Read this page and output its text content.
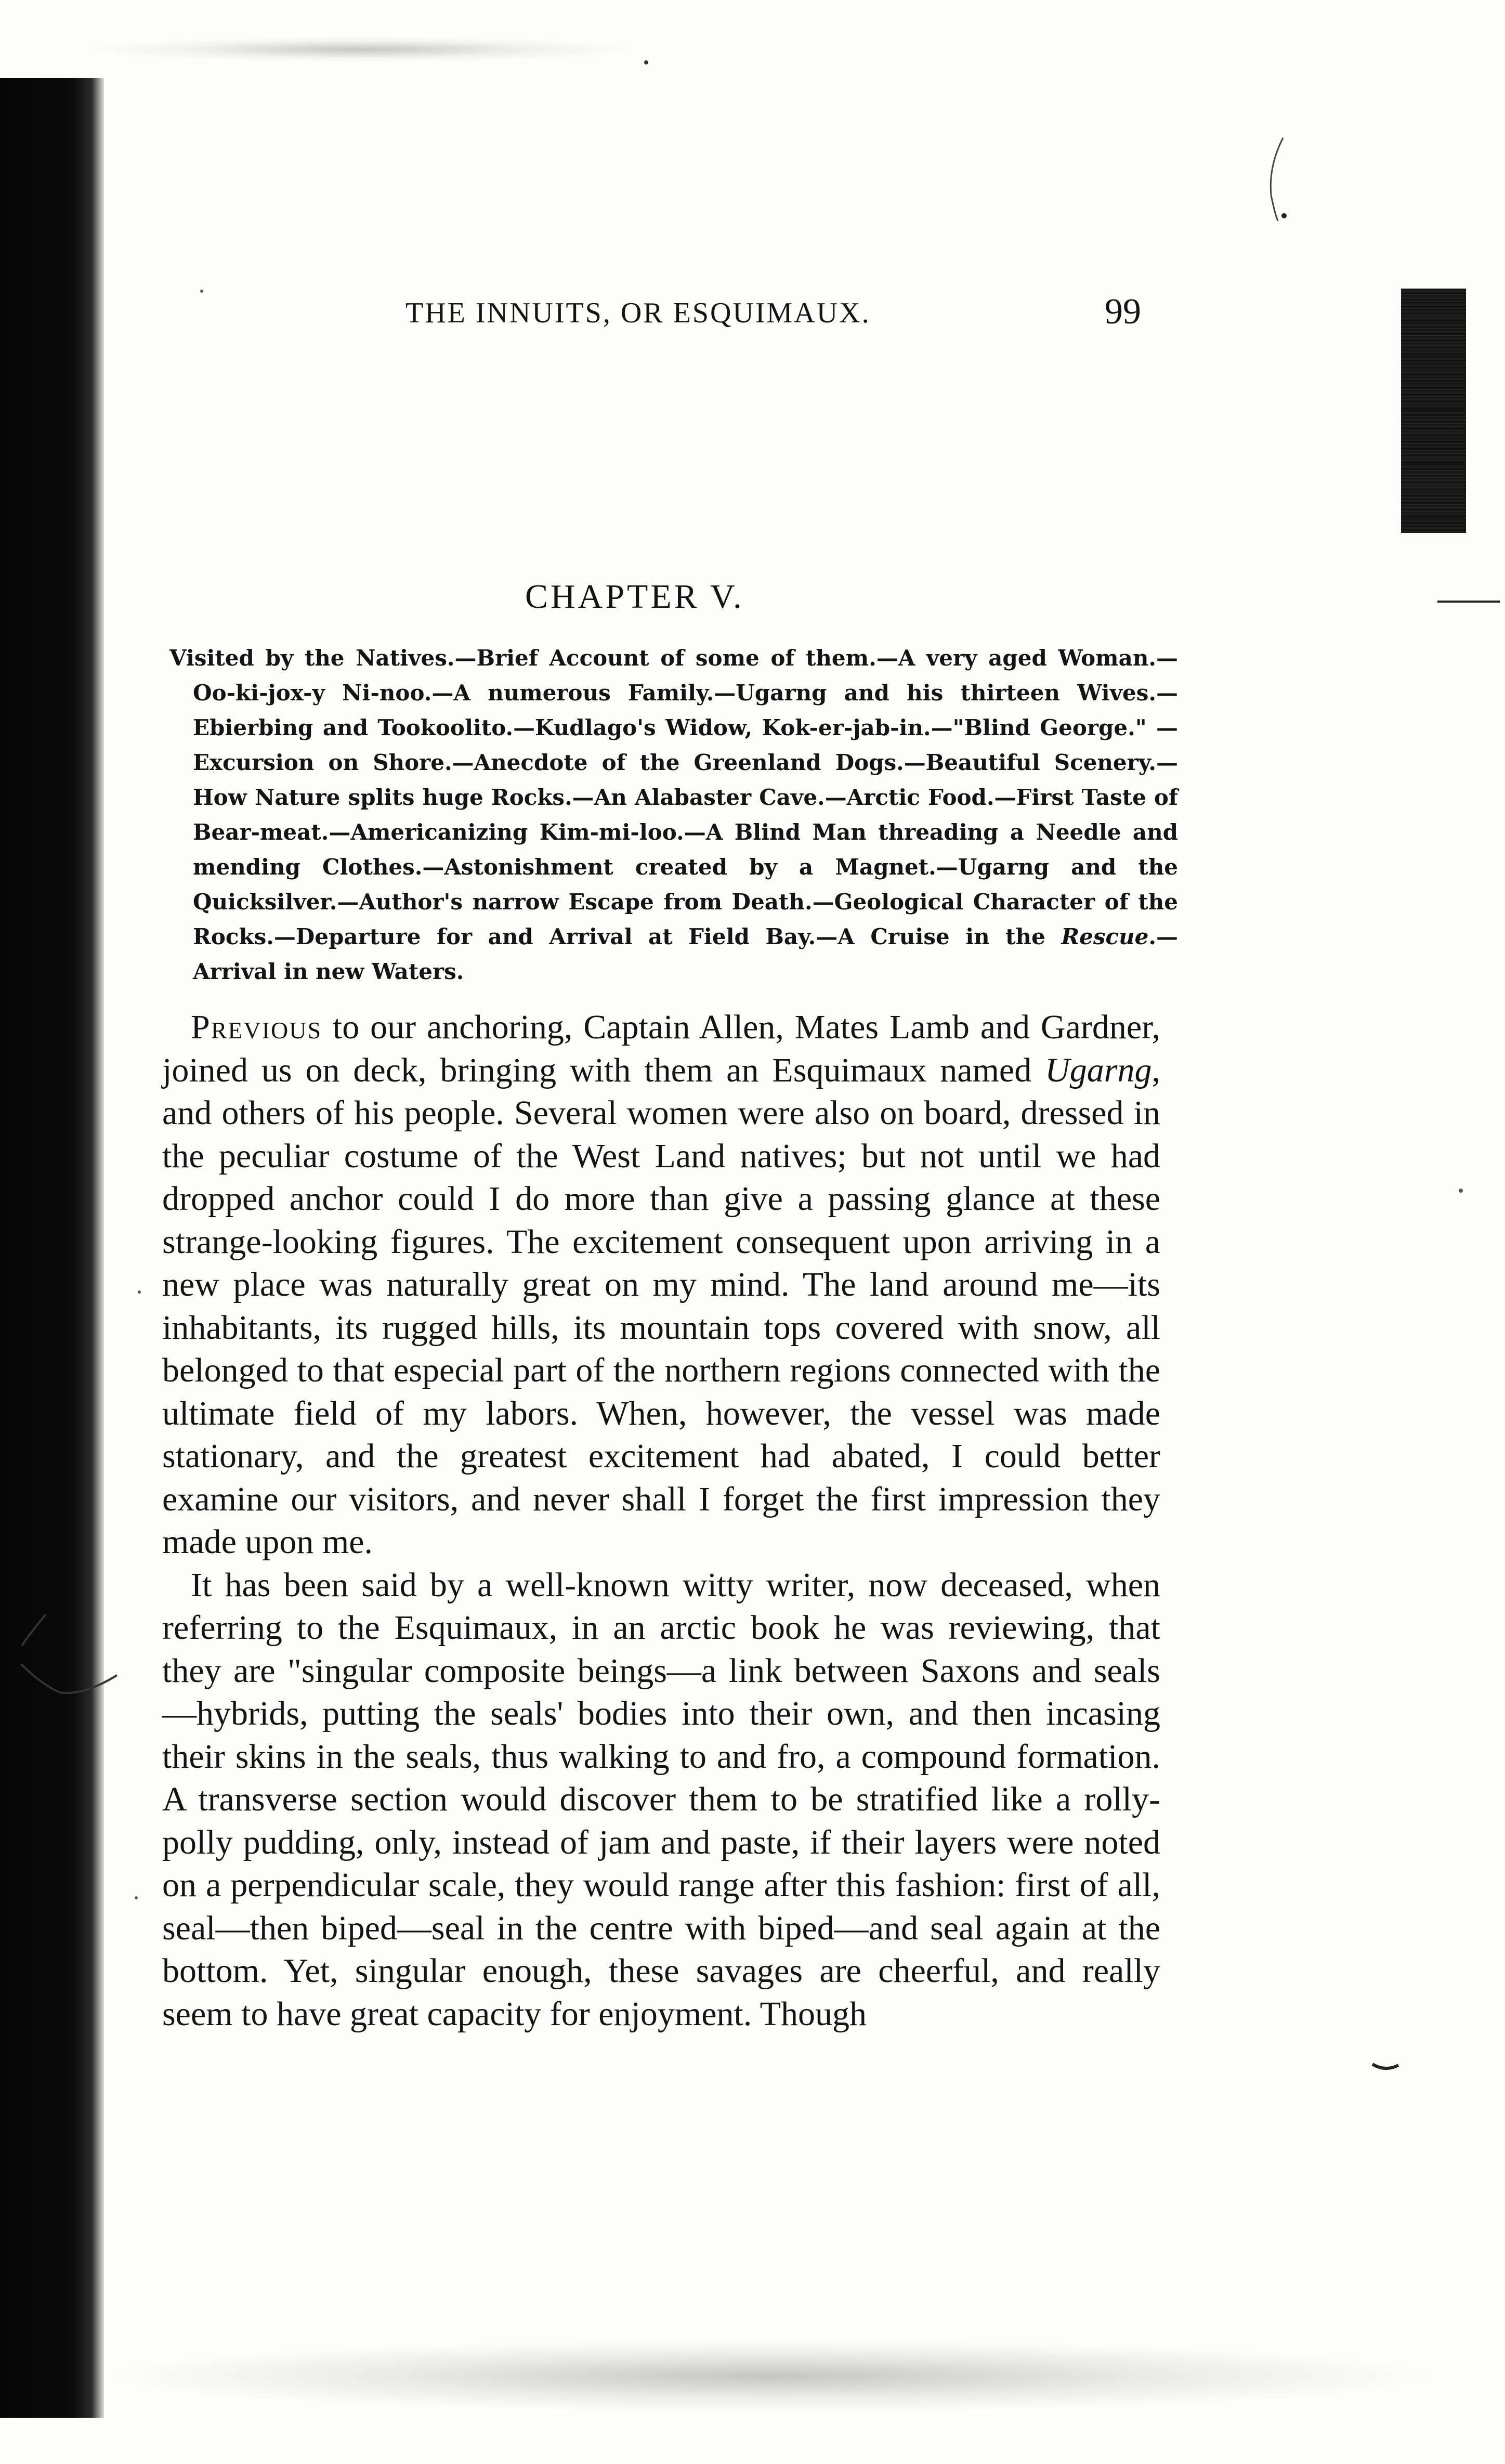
THE INNUITS, OR ESQUIMAUX.	99
CHAPTER V.

Visited by the Natives.—Brief Account of some of them.—A very aged Woman.—Oo-ki-jox-y Ni-noo.—A numerous Family.—Ugarng and his thirteen Wives.—Ebierbing and Tookoolito.—Kudlago's Widow, Kok-er-jab-in.—"Blind George." —Excursion on Shore.—Anecdote of the Greenland Dogs.—Beautiful Scenery.—How Nature splits huge Rocks.—An Alabaster Cave.—Arctic Food.—First Taste of Bear-meat.—Americanizing Kim-mi-loo.—A Blind Man threading a Needle and mending Clothes.—Astonishment created by a Magnet.—Ugarng and the Quicksilver.—Author's narrow Escape from Death.—Geological Character of the Rocks.—Departure for and Arrival at Field Bay.—A Cruise in the Rescue.—Arrival in new Waters.

Previous to our anchoring, Captain Allen, Mates Lamb and Gardner, joined us on deck, bringing with them an Esquimaux named Ugarng, and others of his people. Several women were also on board, dressed in the peculiar costume of the West Land natives; but not until we had dropped anchor could I do more than give a passing glance at these strange-looking figures. The excitement consequent upon arriving in a new place was naturally great on my mind. The land around me—its inhabitants, its rugged hills, its mountain tops covered with snow, all belonged to that especial part of the northern regions connected with the ultimate field of my labors. When, however, the vessel was made stationary, and the greatest excitement had abated, I could better examine our visitors, and never shall I forget the first impression they made upon me.

It has been said by a well-known witty writer, now deceased, when referring to the Esquimaux, in an arctic book he was reviewing, that they are "singular composite beings—a link between Saxons and seals—hybrids, putting the seals' bodies into their own, and then incasing their skins in the seals, thus walking to and fro, a compound formation. A transverse section would discover them to be stratified like a rolly-polly pudding, only, instead of jam and paste, if their layers were noted on a perpendicular scale, they would range after this fashion: first of all, seal—then biped—seal in the centre with biped—and seal again at the bottom. Yet, singular enough, these savages are cheerful, and really seem to have great capacity for enjoyment. Though
